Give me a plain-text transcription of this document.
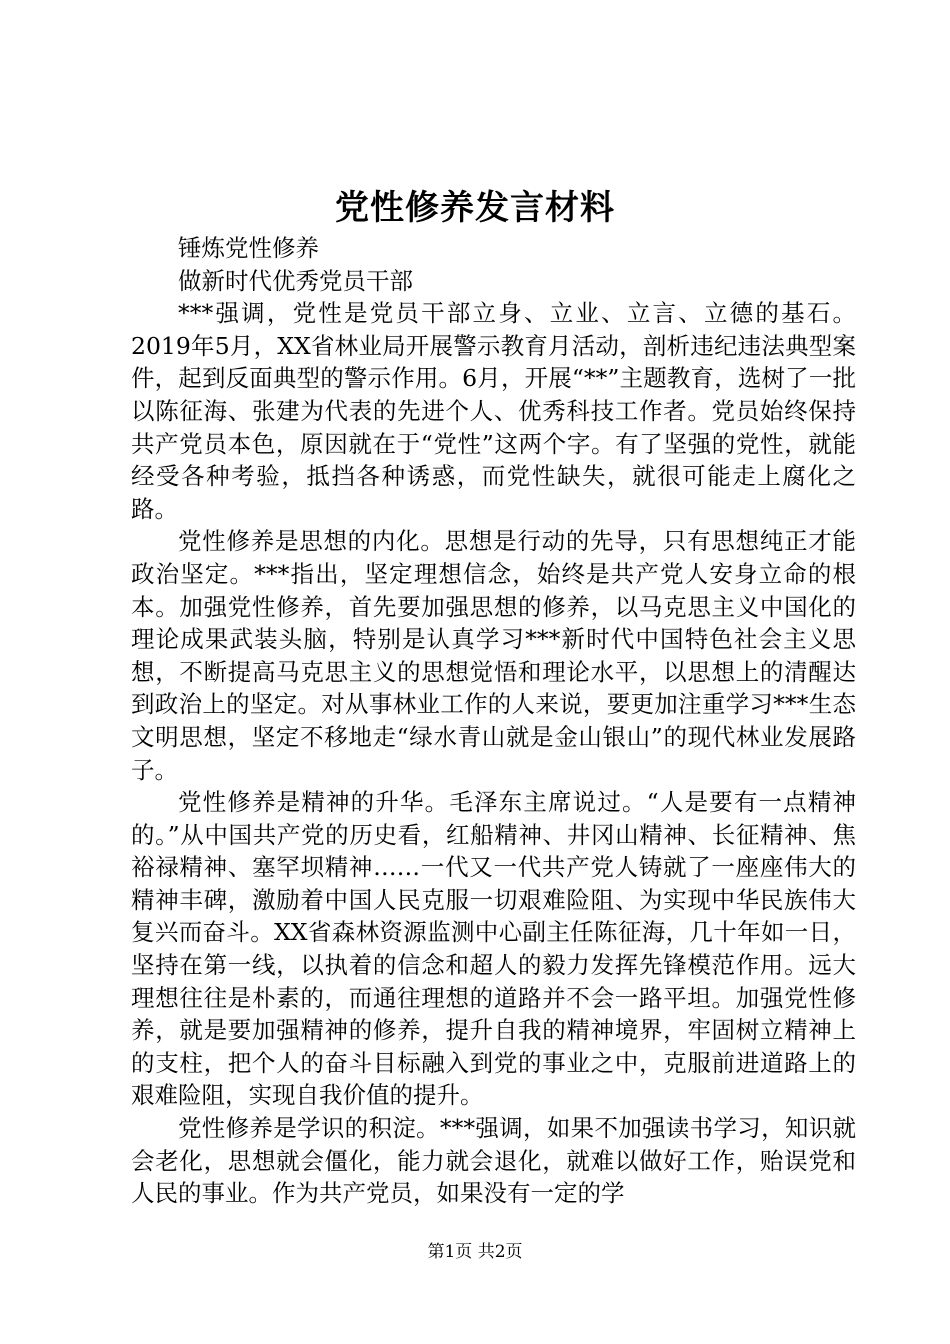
党性修养发言材料

锤炼党性修养

做新时代优秀党员干部

***强调，党性是党员干部立身、立业、立言、立德的基石。2019年5月，XX省林业局开展警示教育月活动，剖析违纪违法典型案件，起到反面典型的警示作用。6月，开展“**”主题教育，选树了一批以陈征海、张建为代表的先进个人、优秀科技工作者。党员始终保持共产党员本色，原因就在于“党性”这两个字。有了坚强的党性，就能经受各种考验，抵挡各种诱惑，而党性缺失，就很可能走上腐化之路。

党性修养是思想的内化。思想是行动的先导，只有思想纯正才能政治坚定。***指出，坚定理想信念，始终是共产党人安身立命的根本。加强党性修养，首先要加强思想的修养，以马克思主义中国化的理论成果武装头脑，特别是认真学习***新时代中国特色社会主义思想，不断提高马克思主义的思想觉悟和理论水平，以思想上的清醒达到政治上的坚定。对从事林业工作的人来说，要更加注重学习***生态文明思想，坚定不移地走“绿水青山就是金山银山”的现代林业发展路子。

党性修养是精神的升华。毛泽东主席说过。“人是要有一点精神的。”从中国共产党的历史看，红船精神、井冈山精神、长征精神、焦裕禄精神、塞罕坝精神……一代又一代共产党人铸就了一座座伟大的精神丰碑，激励着中国人民克服一切艰难险阻、为实现中华民族伟大复兴而奋斗。XX省森林资源监测中心副主任陈征海，几十年如一日，坚持在第一线，以执着的信念和超人的毅力发挥先锋模范作用。远大理想往往是朴素的，而通往理想的道路并不会一路平坦。加强党性修养，就是要加强精神的修养，提升自我的精神境界，牢固树立精神上的支柱，把个人的奋斗目标融入到党的事业之中，克服前进道路上的艰难险阻，实现自我价值的提升。

党性修养是学识的积淀。***强调，如果不加强读书学习，知识就会老化，思想就会僵化，能力就会退化，就难以做好工作，贻误党和人民的事业。作为共产党员，如果没有一定的学

第1页 共2页
